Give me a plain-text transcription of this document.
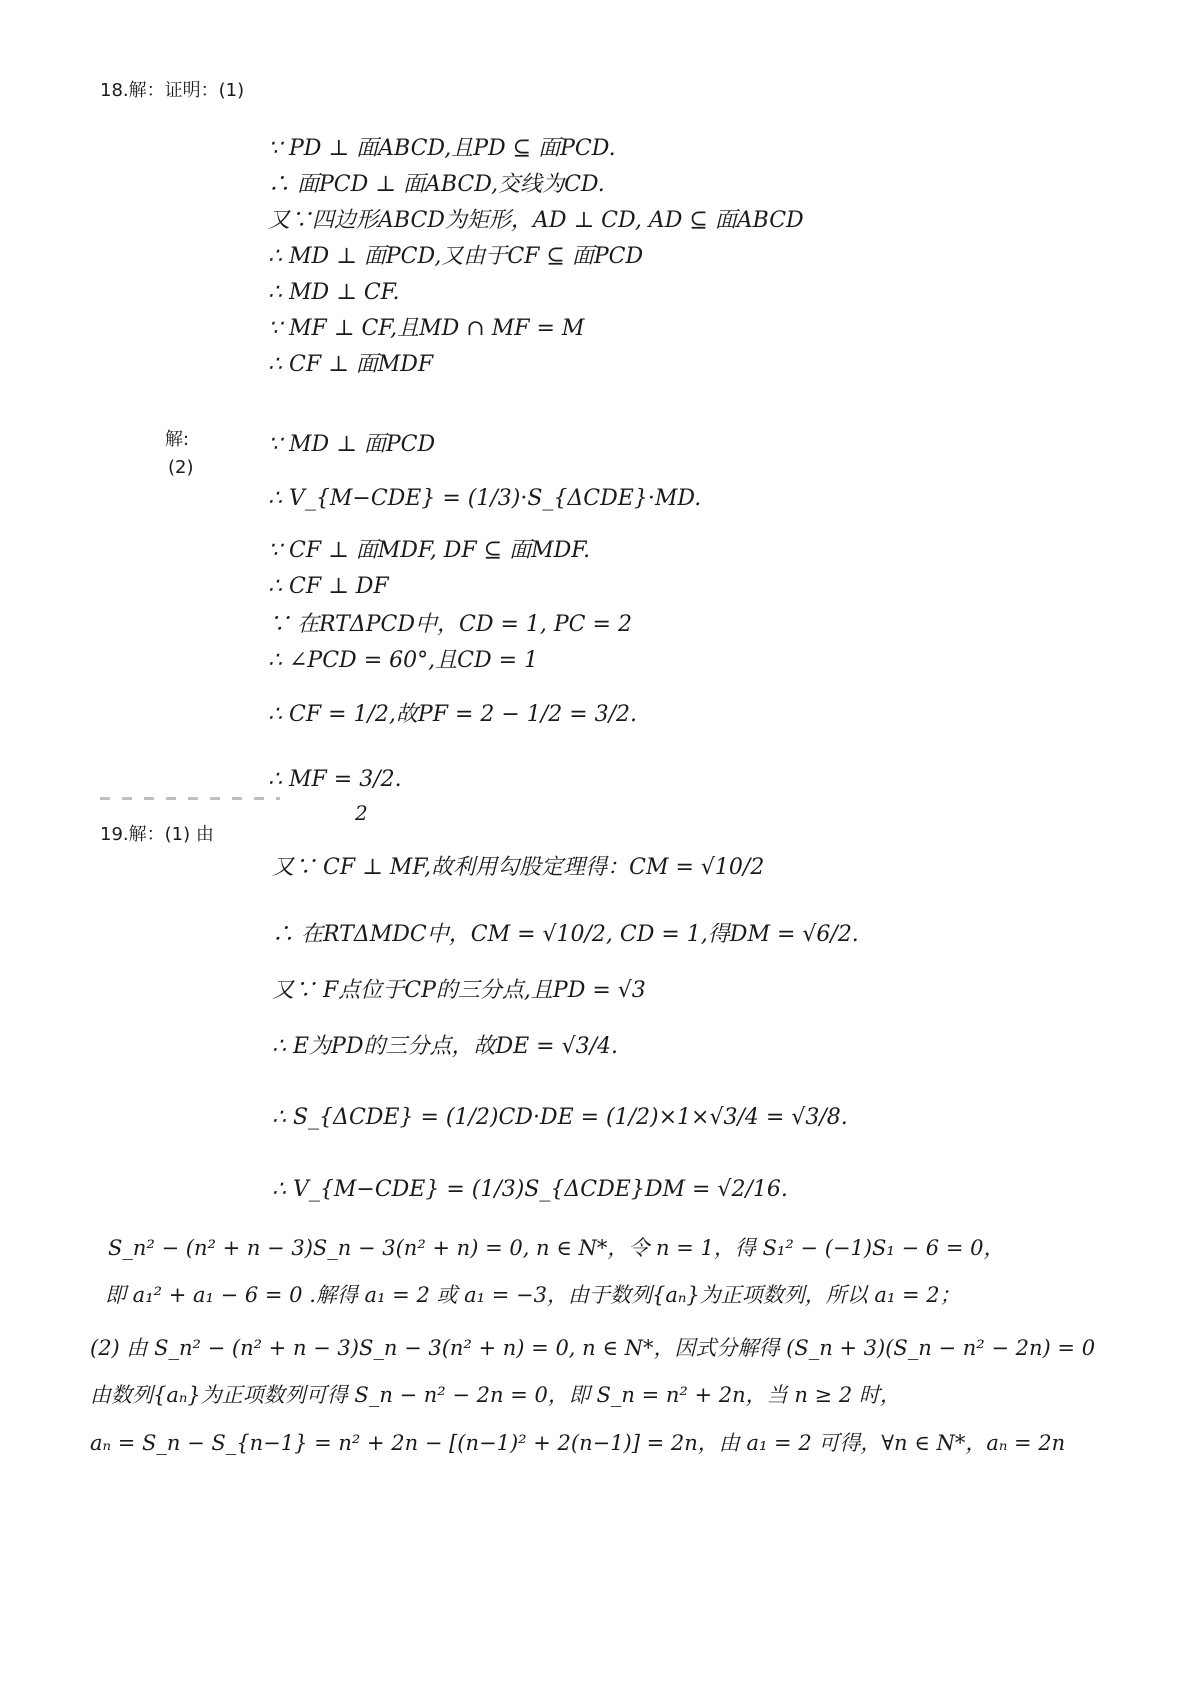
18.解：证明：(1)
∵ PD ⊥ 面ABCD,且PD ⊆ 面PCD.
∴ 面PCD ⊥ 面ABCD,交线为CD.
又∵四边形ABCD为矩形，AD ⊥ CD, AD ⊆ 面ABCD
∴ MD ⊥ 面PCD,又由于CF ⊆ 面PCD
∴ MD ⊥ CF.
∵ MF ⊥ CF,且MD ∩ MF = M
∴ CF ⊥ 面MDF
解:
(2)
∵ MD ⊥ 面PCD
∴ V_{M−CDE} = (1/3)·S_{ΔCDE}·MD.
∵ CF ⊥ 面MDF, DF ⊆ 面MDF.
∴ CF ⊥ DF
∵ 在RTΔPCD中，CD = 1, PC = 2
∴ ∠PCD = 60°,且CD = 1
∴ CF = 1/2,故PF = 2 − 1/2 = 3/2.
∴ MF = 3/2.
2
19.解：(1) 由
又∵ CF ⊥ MF,故利用勾股定理得：CM = √10/2
∴ 在RTΔMDC中，CM = √10/2, CD = 1,得DM = √6/2.
又∵ F点位于CP的三分点,且PD = √3
∴ E为PD的三分点，故DE = √3/4.
∴ S_{ΔCDE} = (1/2)CD·DE = (1/2)×1×√3/4 = √3/8.
∴ V_{M−CDE} = (1/3)S_{ΔCDE}DM = √2/16.
S_n² − (n² + n − 3)S_n − 3(n² + n) = 0, n ∈ N*，令 n = 1，得 S₁² − (−1)S₁ − 6 = 0，
即 a₁² + a₁ − 6 = 0 .解得 a₁ = 2 或 a₁ = −3，由于数列{aₙ}为正项数列，所以 a₁ = 2；
(2) 由 S_n² − (n² + n − 3)S_n − 3(n² + n) = 0, n ∈ N*，因式分解得 (S_n + 3)(S_n − n² − 2n) = 0
由数列{aₙ}为正项数列可得 S_n − n² − 2n = 0，即 S_n = n² + 2n，当 n ≥ 2 时，
aₙ = S_n − S_{n−1} = n² + 2n − [(n−1)² + 2(n−1)] = 2n，由 a₁ = 2 可得，∀n ∈ N*，aₙ = 2n
